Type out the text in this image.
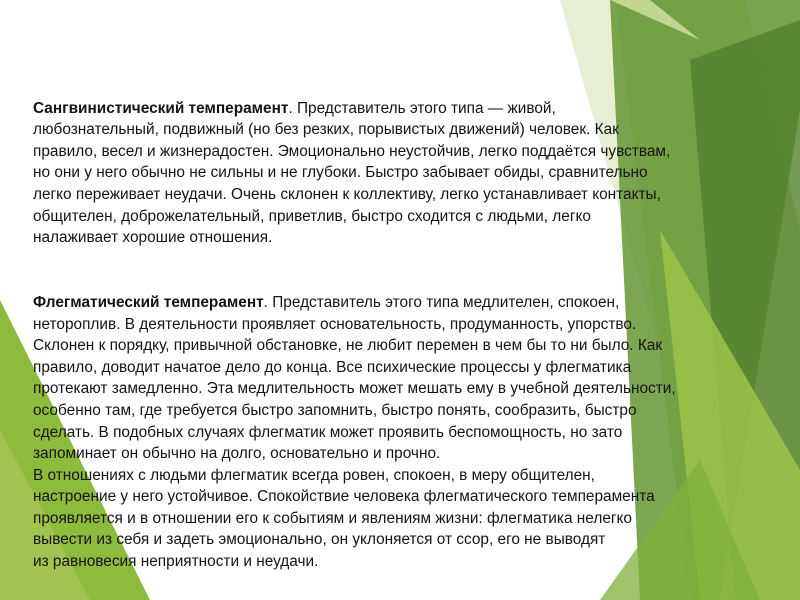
Сангвинистический темперамент. Представитель этого типа — живой,
любознательный, подвижный (но без резких, порывистых движений) человек. Как
правило, весел и жизнерадостен. Эмоционально неустойчив, легко поддаётся чувствам,
но они у него обычно не сильны и не глубоки. Быстро забывает обиды, сравнительно
легко переживает неудачи. Очень склонен к коллективу, легко устанавливает контакты,
общителен, доброжелательный, приветлив, быстро сходится с людьми, легко
налаживает хорошие отношения.

Флегматический темперамент. Представитель этого типа медлителен, спокоен,
нетороплив. В деятельности проявляет основательность, продуманность, упорство.
Склонен к порядку, привычной обстановке, не любит перемен в чем бы то ни было. Как
правило, доводит начатое дело до конца. Все психические процессы у флегматика
протекают замедленно. Эта медлительность может мешать ему в учебной деятельности,
особенно там, где требуется быстро запомнить, быстро понять, сообразить, быстро
сделать. В подобных случаях флегматик может проявить беспомощность, но зато
запоминает он обычно на долго, основательно и прочно.
В отношениях с людьми флегматик всегда ровен, спокоен, в меру общителен,
настроение у него устойчивое. Спокойствие человека флегматического темперамента
проявляется и в отношении его к событиям и явлениям жизни: флегматика нелегко
вывести из себя и задеть эмоционально, он уклоняется от ссор, его не выводят
из равновесия неприятности и неудачи.
